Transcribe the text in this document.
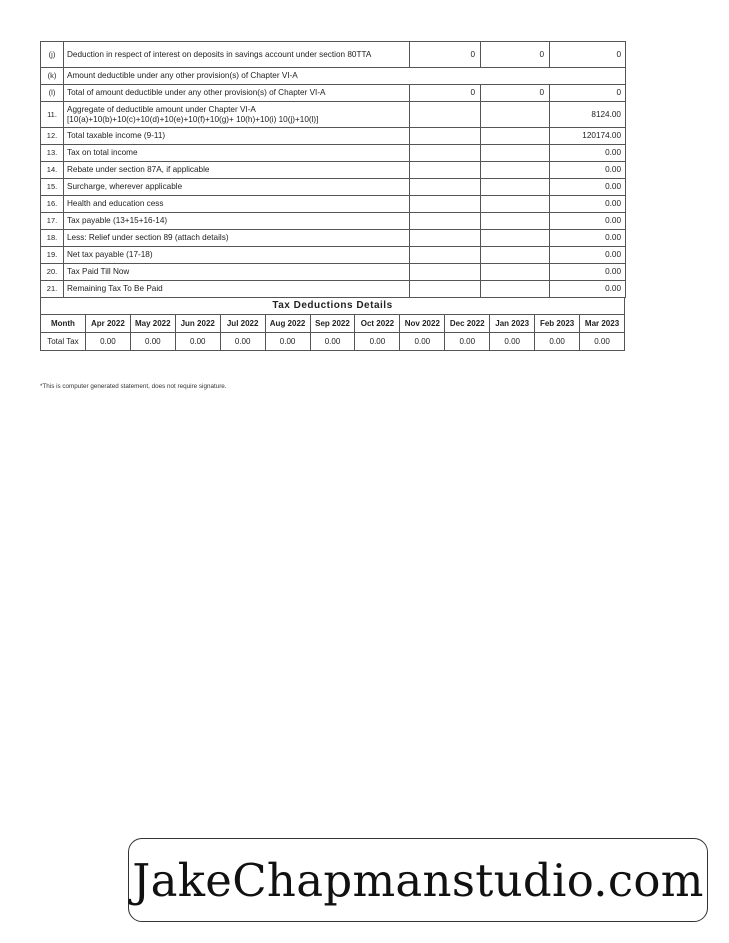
(j)	Deduction in respect of interest on deposits in savings account under section 80TTA	0	0	0
(k)	Amount deductible under any other provision(s) of Chapter VI-A			
(l)	Total of amount deductible under any other provision(s) of Chapter VI-A	0	0	0
11.	Aggregate of deductible amount under Chapter VI-A
[10(a)+10(b)+10(c)+10(d)+10(e)+10(f)+10(g)+ 10(h)+10(i) 10(j)+10(l)]			8124.00
12.	Total taxable income (9-11)			120174.00
13.	Tax on total income			0.00
14.	Rebate under section 87A, if applicable			0.00
15.	Surcharge, wherever applicable			0.00
16.	Health and education cess			0.00
17.	Tax payable (13+15+16-14)			0.00
18.	Less: Relief under section 89 (attach details)			0.00
19.	Net tax payable (17-18)			0.00
20.	Tax Paid Till Now			0.00
21.	Remaining Tax To Be Paid			0.00
Tax Deductions Details												
Month	Apr 2022	May 2022	Jun 2022	Jul 2022	Aug 2022	Sep 2022	Oct 2022	Nov 2022	Dec 2022	Jan 2023	Feb 2023	Mar 2023
Total Tax	0.00	0.00	0.00	0.00	0.00	0.00	0.00	0.00	0.00	0.00	0.00	0.00
*This is computer generated statement, does not require signature.
JakeChapmanstudio.com
